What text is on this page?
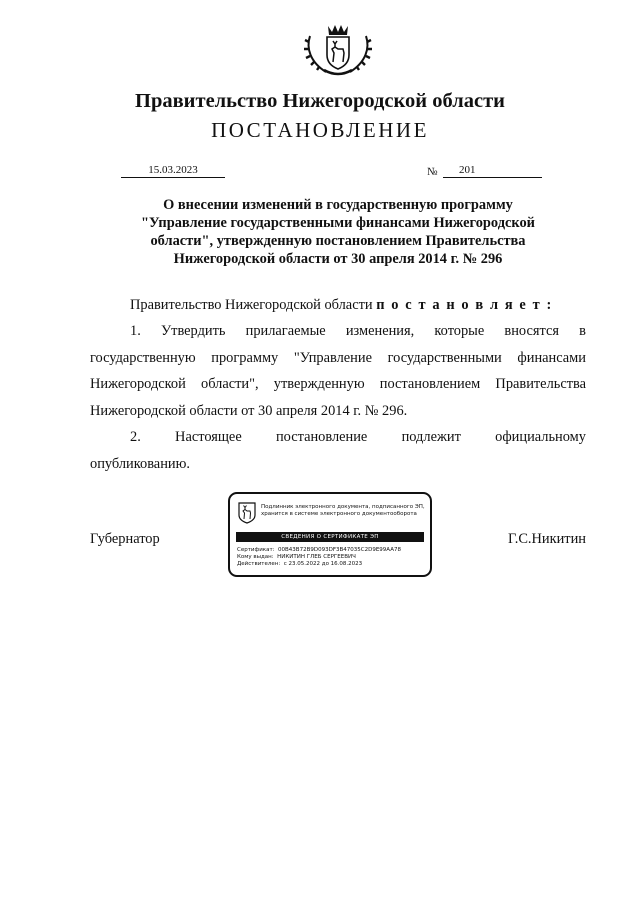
Правительство Нижегородской области
ПОСТАНОВЛЕНИЕ
15.03.2023	№	201
О внесении изменений в государственную программу
"Управление государственными финансами Нижегородской
области", утвержденную постановлением Правительства
Нижегородской области от 30 апреля 2014 г. № 296
Правительство Нижегородской области п о с т а н о в л я е т :
1. Утвердить прилагаемые изменения, которые вносятся в
государственную программу "Управление государственными финансами
Нижегородской области", утвержденную постановлением Правительства
Нижегородской области от 30 апреля 2014 г. № 296.
2. Настоящее постановление подлежит официальному
опубликованию.
Губернатор	Г.С.Никитин
Подлинник электронного документа, подписанного ЭП,
хранится в системе электронного документооборота
СВЕДЕНИЯ О СЕРТИФИКАТЕ ЭП
Сертификат: 00B43B72B9D093DF3B47035C2D9E99AA78
Кому выдан: НИКИТИН ГЛЕБ СЕРГЕЕВИЧ
Действителен: с 23.05.2022 до 16.08.2023
